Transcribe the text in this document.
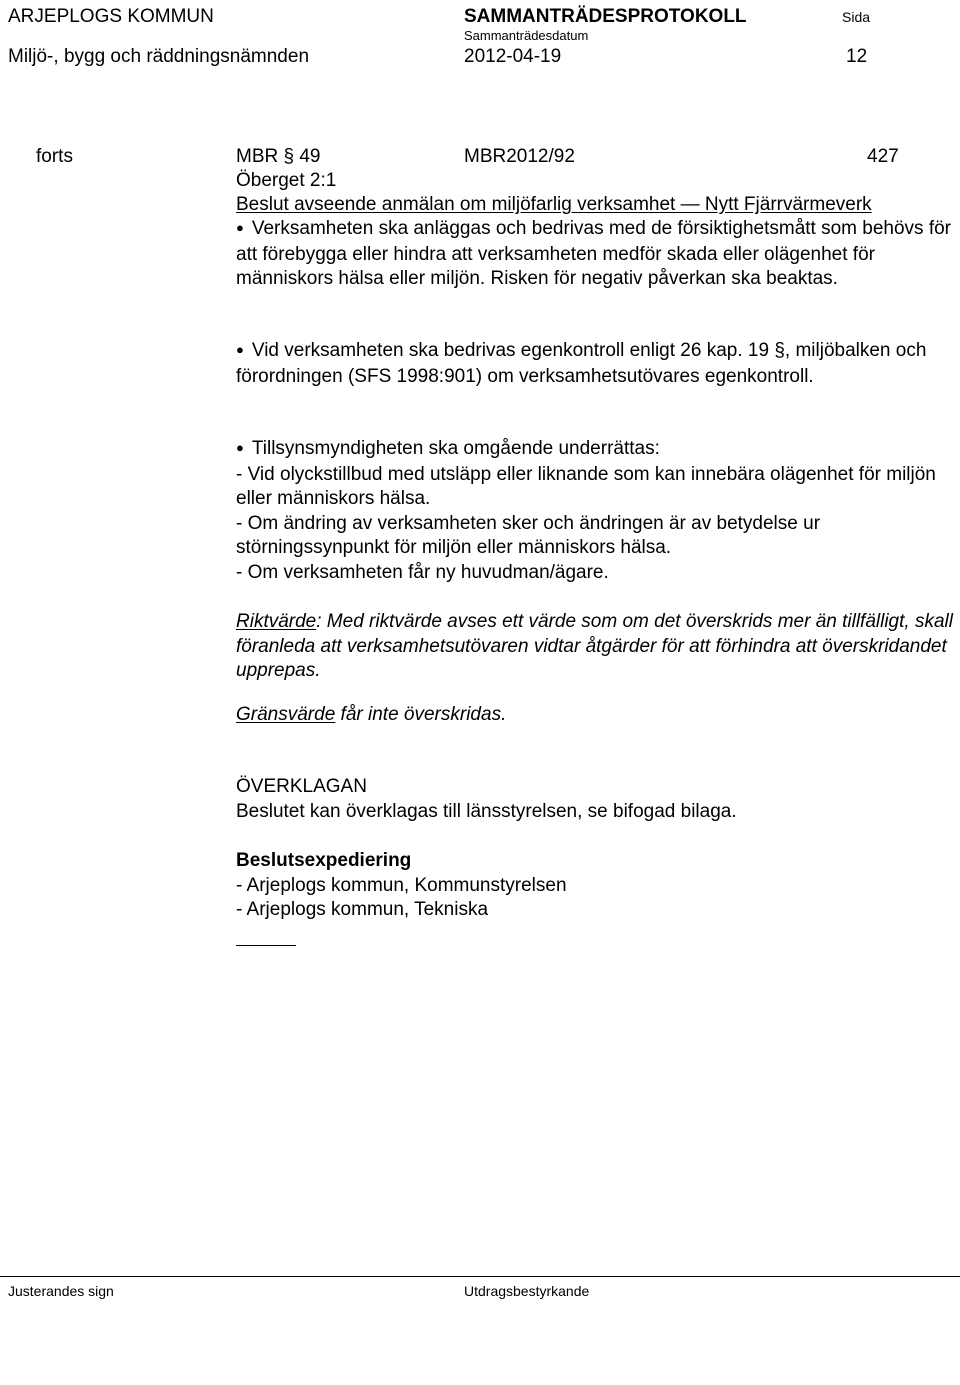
ARJEPLOGS KOMMUN	SAMMANTRÄDESPROTOKOLL	Sida
Sammanträdesdatum
Miljö-, bygg och räddningsnämnden	2012-04-19	12
forts	MBR § 49	MBR2012/92	427
Öberget 2:1
Beslut avseende anmälan om miljöfarlig verksamhet — Nytt Fjärrvärmeverk
● Verksamheten ska anläggas och bedrivas med de försiktighetsmått som behövs för att förebygga eller hindra att verksamheten medför skada eller olägenhet för människors hälsa eller miljön. Risken för negativ påverkan ska beaktas.
● Vid verksamheten ska bedrivas egenkontroll enligt 26 kap. 19 §, miljöbalken och förordningen (SFS 1998:901) om verksamhetsutövares egenkontroll.
● Tillsynsmyndigheten ska omgående underrättas:
- Vid olyckstillbud med utsläpp eller liknande som kan innebära olägenhet för miljön eller människors hälsa.
- Om ändring av verksamheten sker och ändringen är av betydelse ur störningssynpunkt för miljön eller människors hälsa.
- Om verksamheten får ny huvudman/ägare.
Riktvärde: Med riktvärde avses ett värde som om det överskrids mer än tillfälligt, skall föranleda att verksamhetsutövaren vidtar åtgärder för att förhindra att överskridandet upprepas.
Gränsvärde får inte överskridas.
ÖVERKLAGAN
Beslutet kan överklagas till länsstyrelsen, se bifogad bilaga.
Beslutsexpediering
- Arjeplogs kommun, Kommunstyrelsen
- Arjeplogs kommun, Tekniska
Justerandes sign	Utdragsbestyrkande
